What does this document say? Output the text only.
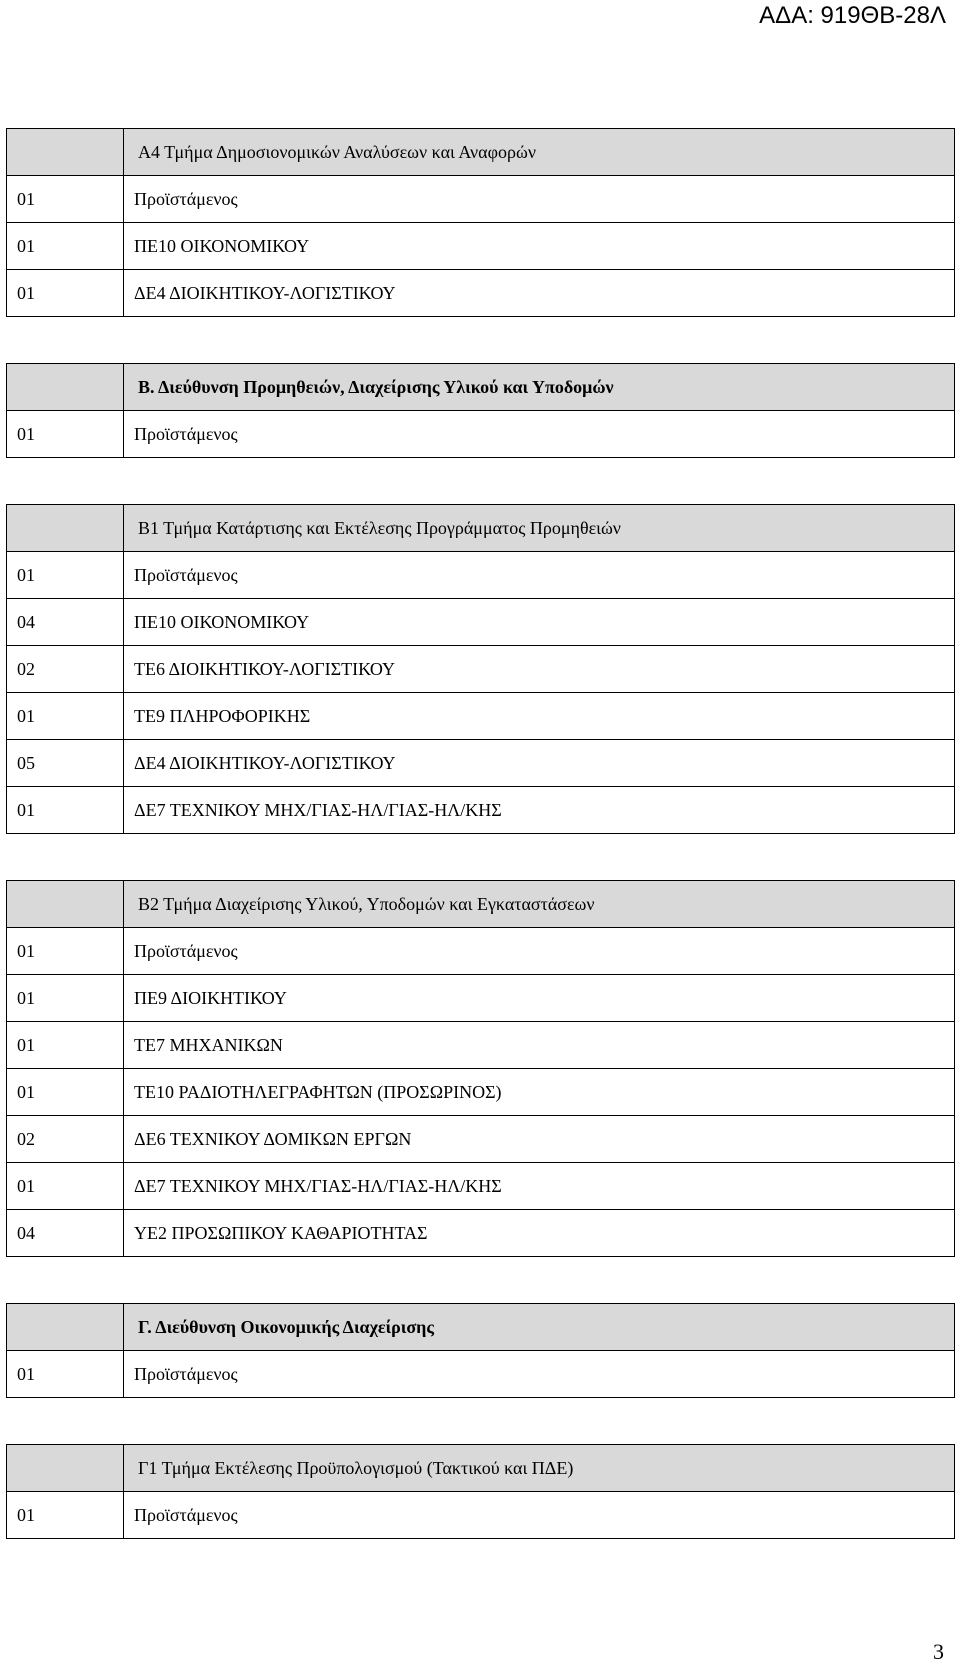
ΑΔΑ: 919ΘΒ-28Λ
	Α4 Τμήμα Δημοσιονομικών Αναλύσεων και Αναφορών
01	Προϊστάμενος
01	ΠΕ10 ΟΙΚΟΝΟΜΙΚΟΥ
01	ΔΕ4 ΔΙΟΙΚΗΤΙΚΟΥ-ΛΟΓΙΣΤΙΚΟΥ

	Β. Διεύθυνση Προμηθειών, Διαχείρισης Υλικού και Υποδομών
01	Προϊστάμενος

	Β1 Τμήμα Κατάρτισης και Εκτέλεσης Προγράμματος Προμηθειών
01	Προϊστάμενος
04	ΠΕ10 ΟΙΚΟΝΟΜΙΚΟΥ
02	ΤΕ6 ΔΙΟΙΚΗΤΙΚΟΥ-ΛΟΓΙΣΤΙΚΟΥ
01	ΤΕ9 ΠΛΗΡΟΦΟΡΙΚΗΣ
05	ΔΕ4 ΔΙΟΙΚΗΤΙΚΟΥ-ΛΟΓΙΣΤΙΚΟΥ
01	ΔΕ7 ΤΕΧΝΙΚΟΥ ΜΗΧ/ΓΙΑΣ-ΗΛ/ΓΙΑΣ-ΗΛ/ΚΗΣ

	Β2 Τμήμα Διαχείρισης Υλικού, Υποδομών και Εγκαταστάσεων
01	Προϊστάμενος
01	ΠΕ9 ΔΙΟΙΚΗΤΙΚΟΥ
01	ΤΕ7 ΜΗΧΑΝΙΚΩΝ
01	ΤΕ10 ΡΑΔΙΟΤΗΛΕΓΡΑΦΗΤΩΝ (ΠΡΟΣΩΡΙΝΟΣ)
02	ΔΕ6 ΤΕΧΝΙΚΟΥ ΔΟΜΙΚΩΝ ΕΡΓΩΝ
01	ΔΕ7 ΤΕΧΝΙΚΟΥ ΜΗΧ/ΓΙΑΣ-ΗΛ/ΓΙΑΣ-ΗΛ/ΚΗΣ
04	ΥΕ2 ΠΡΟΣΩΠΙΚΟΥ ΚΑΘΑΡΙΟΤΗΤΑΣ

	Γ. Διεύθυνση Οικονομικής Διαχείρισης
01	Προϊστάμενος

	Γ1 Τμήμα Εκτέλεσης Προϋπολογισμού (Τακτικού και ΠΔΕ)
01	Προϊστάμενος
3
